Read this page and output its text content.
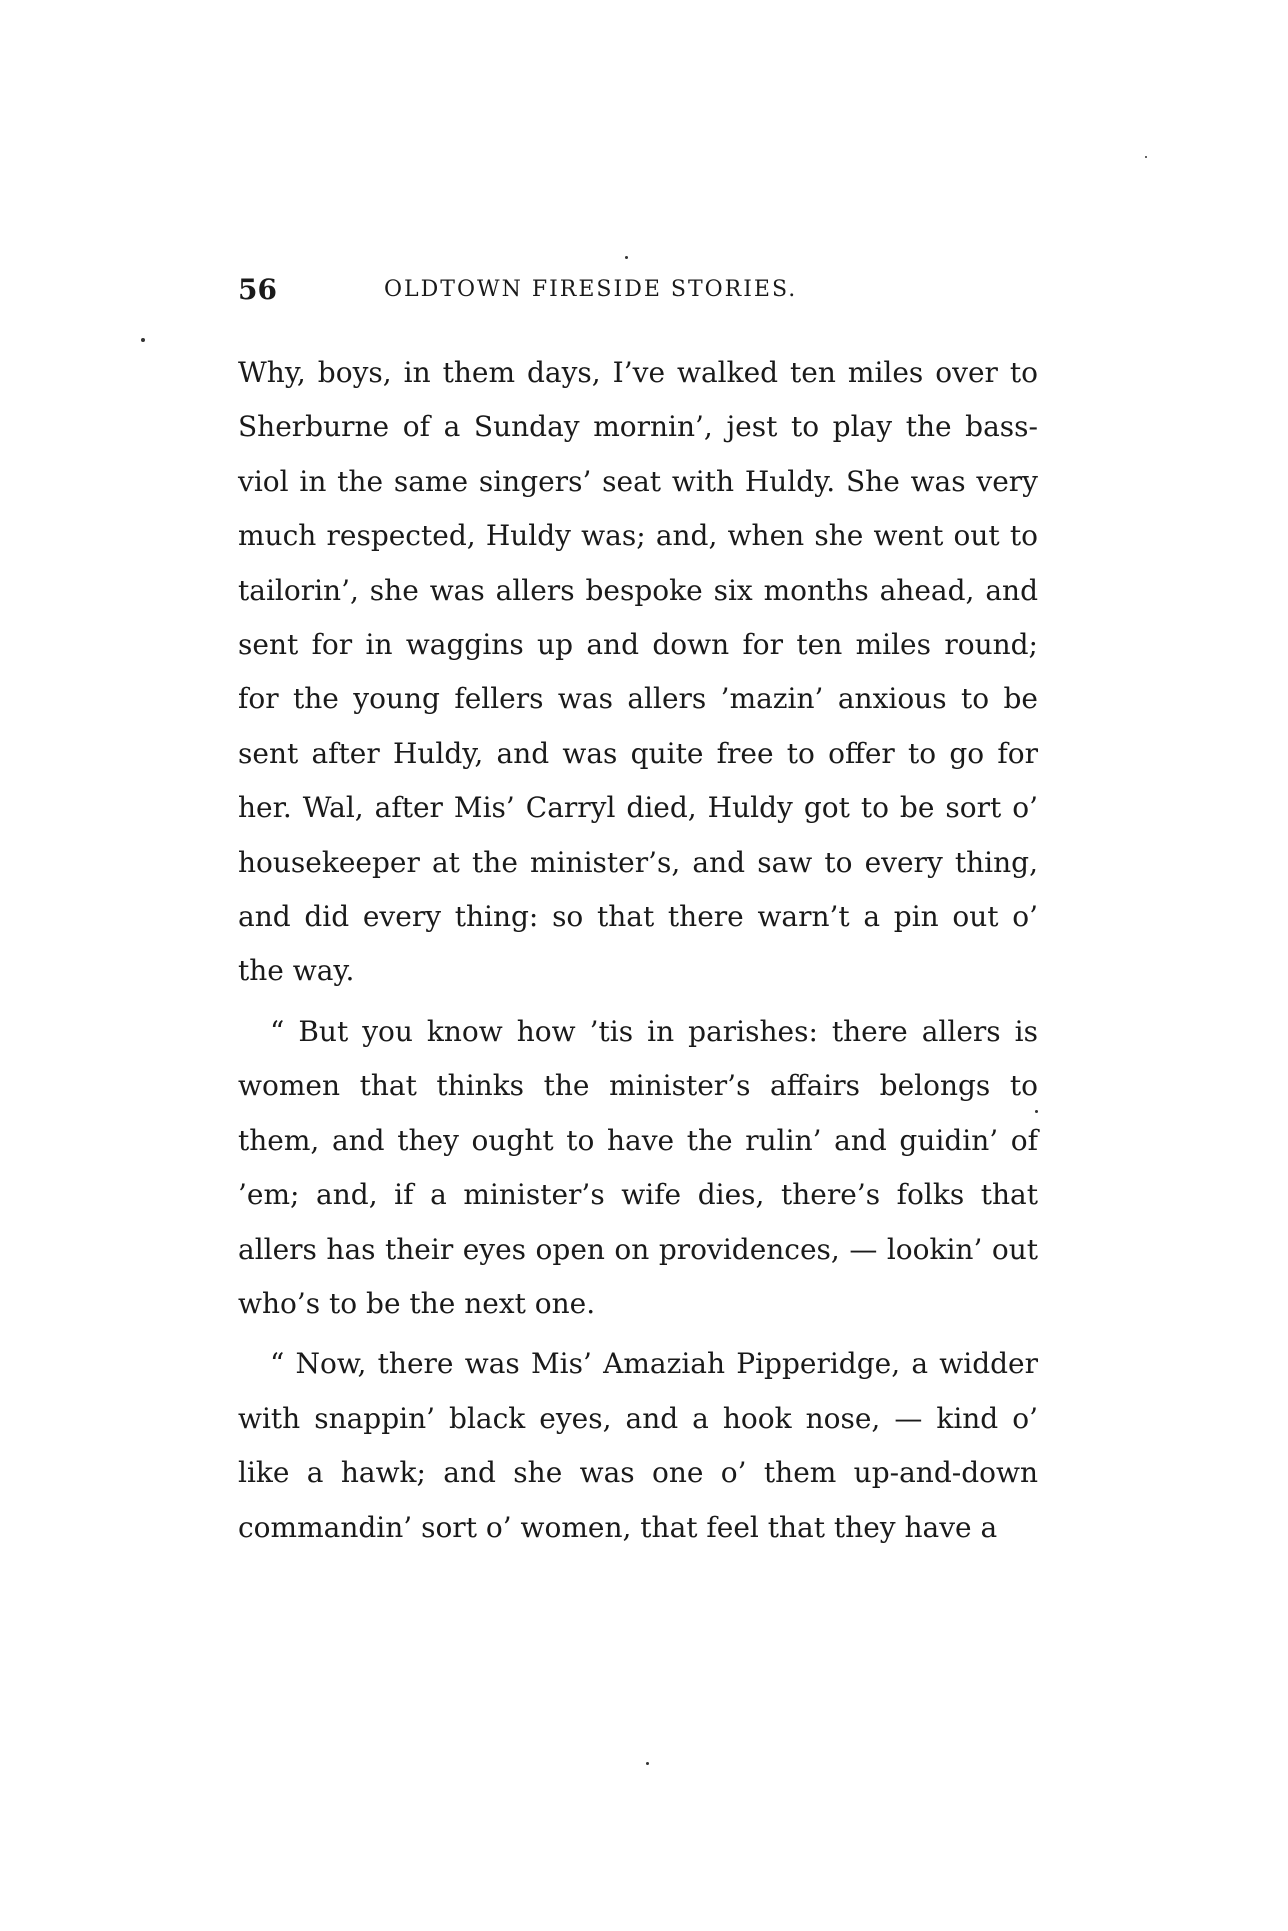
56	OLDTOWN FIRESIDE STORIES.

Why, boys, in them days, I’ve walked ten miles over to Sherburne of a Sunday mornin’, jest to play the bass-viol in the same singers’ seat with Huldy. She was very much respected, Huldy was; and, when she went out to tailorin’, she was allers bespoke six months ahead, and sent for in waggins up and down for ten miles round; for the young fellers was allers ’mazin’ anxious to be sent after Huldy, and was quite free to offer to go for her. Wal, after Mis’ Carryl died, Huldy got to be sort o’ housekeeper at the minister’s, and saw to every thing, and did every thing: so that there warn’t a pin out o’ the way.

“ But you know how ’tis in parishes: there allers is women that thinks the minister’s affairs belongs to them, and they ought to have the rulin’ and guidin’ of ’em; and, if a minister’s wife dies, there’s folks that allers has their eyes open on providences, — lookin’ out who’s to be the next one.

“ Now, there was Mis’ Amaziah Pipperidge, a widder with snappin’ black eyes, and a hook nose, — kind o’ like a hawk; and she was one o’ them up-and-down commandin’ sort o’ women, that feel that they have a
